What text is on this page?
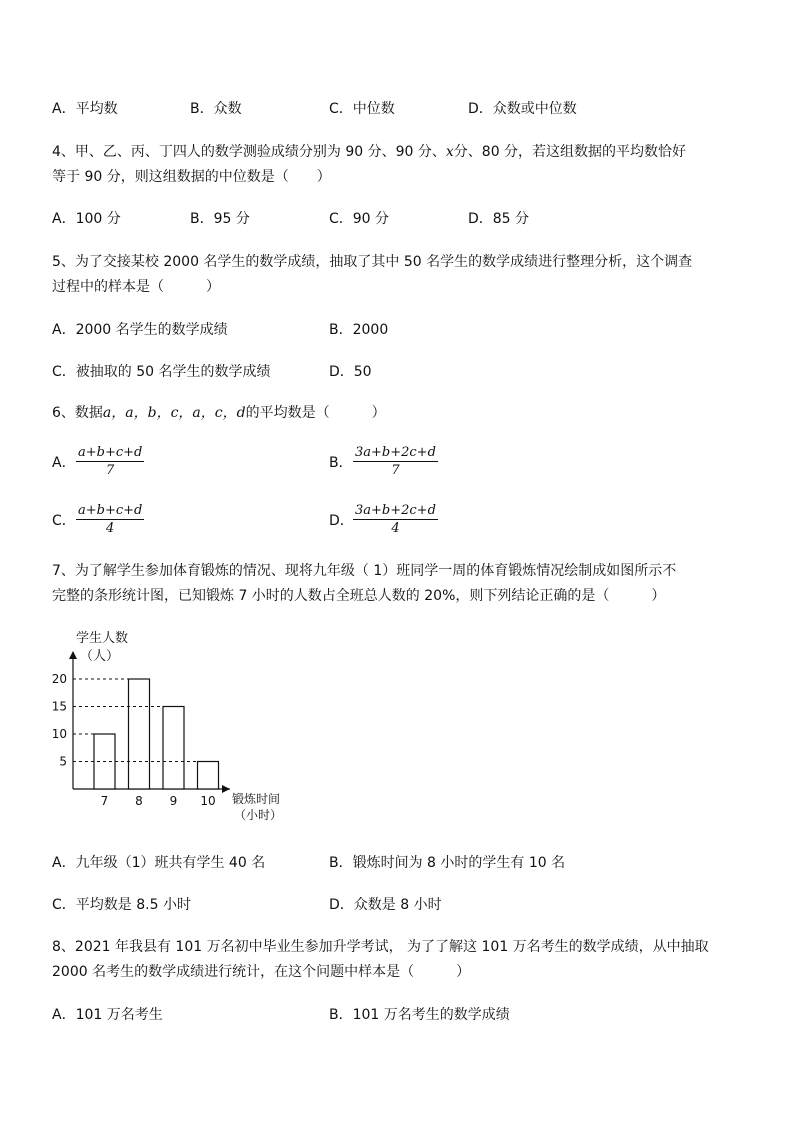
A．平均数	B．众数	C．中位数	D．众数或中位数
4、甲、乙、丙、丁四人的数学测验成绩分别为 90 分、90 分、x分、80 分，若这组数据的平均数恰好
等于 90 分，则这组数据的中位数是（　　）
A．100 分	B．95 分	C．90 分	D．85 分
5、为了交接某校 2000 名学生的数学成绩，抽取了其中 50 名学生的数学成绩进行整理分析，这个调查
过程中的样本是（　　　）
A．2000 名学生的数学成绩	B．2000
C．被抽取的 50 名学生的数学成绩	D．50
6、数据a，a，b，c，a，c，d的平均数是（　　　）
A． $\frac{a+b+c+d}{7}$	B． $\frac{3a+b+2c+d}{7}$
C． $\frac{a+b+c+d}{4}$	D． $\frac{3a+b+2c+d}{4}$
7、为了解学生参加体育锻炼的情况、现将九年级（ 1）班同学一周的体育锻炼情况绘制成如图所示不
完整的条形统计图，已知锻炼 7 小时的人数占全班总人数的 20%，则下列结论正确的是（　　　）
学生人数
（人）
锻炼时间
（小时）
7 8 9 10
5
10
15
20
A．九年级（1）班共有学生 40 名	B．锻炼时间为 8 小时的学生有 10 名
C．平均数是 8.5 小时	D．众数是 8 小时
8、2021 年我县有 101 万名初中毕业生参加升学考试， 为了了解这 101 万名考生的数学成绩，从中抽取
2000 名考生的数学成绩进行统计，在这个问题中样本是（　　　）
A．101 万名考生	B．101 万名考生的数学成绩
